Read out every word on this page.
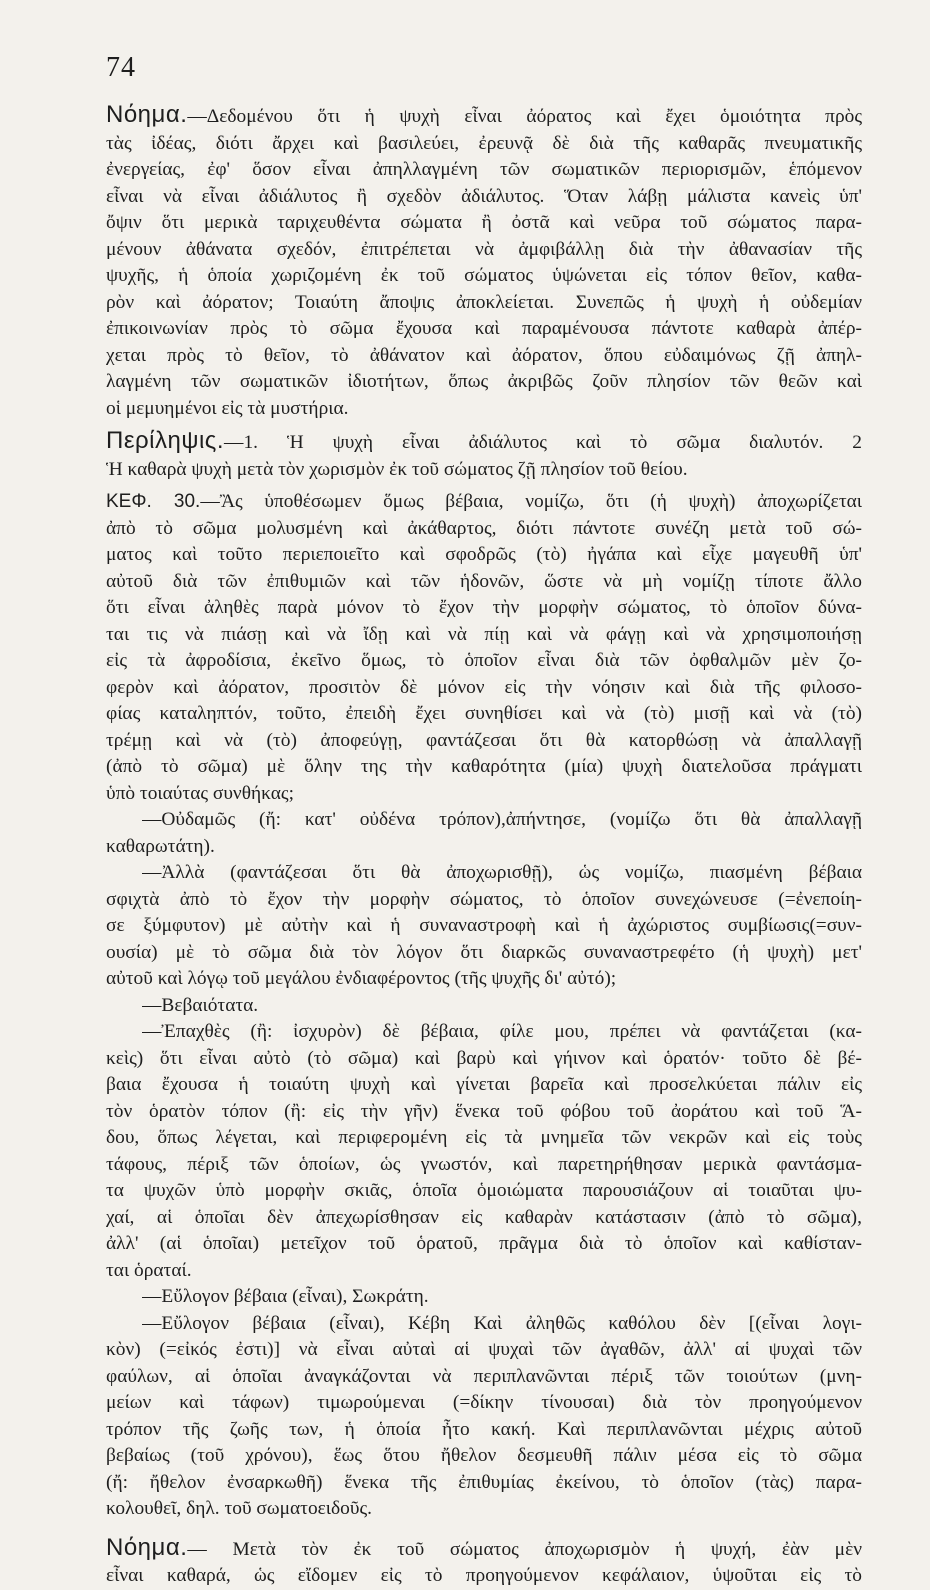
74
Νόημα.—Δεδομένου ὅτι ἡ ψυχὴ εἶναι ἀόρατος καὶ ἔχει ὁμοιότητα πρὸς
τὰς ἰδέας, διότι ἄρχει καὶ βασιλεύει, ἐρευνᾷ δὲ διὰ τῆς καθαρᾶς πνευματικῆς
ἐνεργείας, ἐφ' ὅσον εἶναι ἀπηλλαγμένη τῶν σωματικῶν περιορισμῶν, ἑπόμενον
εἶναι νὰ εἶναι ἀδιάλυτος ἢ σχεδὸν ἀδιάλυτος. Ὅταν λάβῃ μάλιστα κανεὶς ὑπ'
ὄψιν ὅτι μερικὰ ταριχευθέντα σώματα ἢ ὀστᾶ καὶ νεῦρα τοῦ σώματος παρα-
μένουν ἀθάνατα σχεδόν, ἐπιτρέπεται νὰ ἀμφιβάλλῃ διὰ τὴν ἀθανασίαν τῆς
ψυχῆς, ἡ ὁποία χωριζομένη ἐκ τοῦ σώματος ὑψώνεται εἰς τόπον θεῖον, καθα-
ρὸν καὶ ἀόρατον; Τοιαύτη ἄποψις ἀποκλείεται. Συνεπῶς ἡ ψυχὴ ἡ οὐδεμίαν
ἐπικοινωνίαν πρὸς τὸ σῶμα ἔχουσα καὶ παραμένουσα πάντοτε καθαρὰ ἀπέρ-
χεται πρὸς τὸ θεῖον, τὸ ἀθάνατον καὶ ἀόρατον, ὅπου εὐδαιμόνως ζῇ ἀπηλ-
λαγμένη τῶν σωματικῶν ἰδιοτήτων, ὅπως ἀκριβῶς ζοῦν πλησίον τῶν θεῶν καὶ
οἱ μεμυημένοι εἰς τὰ μυστήρια.
Περίληψις.—1. Ἡ ψυχὴ εἶναι ἀδιάλυτος καὶ τὸ σῶμα διαλυτόν. 2
Ἡ καθαρὰ ψυχὴ μετὰ τὸν χωρισμὸν ἐκ τοῦ σώματος ζῇ πλησίον τοῦ θείου.
ΚΕΦ. 30.—Ἂς ὑποθέσωμεν ὅμως βέβαια, νομίζω, ὅτι (ἡ ψυχὴ) ἀποχωρίζεται
ἀπὸ τὸ σῶμα μολυσμένη καὶ ἀκάθαρτος, διότι πάντοτε συνέζη μετὰ τοῦ σώ-
ματος καὶ τοῦτο περιεποιεῖτο καὶ σφοδρῶς (τὸ) ἠγάπα καὶ εἶχε μαγευθῆ ὑπ'
αὐτοῦ διὰ τῶν ἐπιθυμιῶν καὶ τῶν ἡδονῶν, ὥστε νὰ μὴ νομίζῃ τίποτε ἄλλο
ὅτι εἶναι ἀληθὲς παρὰ μόνον τὸ ἔχον τὴν μορφὴν σώματος, τὸ ὁποῖον δύνα-
ται τις νὰ πιάσῃ καὶ νὰ ἴδῃ καὶ νὰ πίῃ καὶ νὰ φάγῃ καὶ νὰ χρησιμοποιήσῃ
εἰς τὰ ἀφροδίσια, ἐκεῖνο ὅμως, τὸ ὁποῖον εἶναι διὰ τῶν ὀφθαλμῶν μὲν ζο-
φερὸν καὶ ἀόρατον, προσιτὸν δὲ μόνον εἰς τὴν νόησιν καὶ διὰ τῆς φιλοσο-
φίας καταληπτόν, τοῦτο, ἐπειδὴ ἔχει συνηθίσει καὶ νὰ (τὸ) μισῇ καὶ νὰ (τὸ)
τρέμῃ καὶ νὰ (τὸ) ἀποφεύγῃ, φαντάζεσαι ὅτι θὰ κατορθώσῃ νὰ ἀπαλλαγῇ
(ἀπὸ τὸ σῶμα) μὲ ὅλην της τὴν καθαρότητα (μία) ψυχὴ διατελοῦσα πράγματι
ὑπὸ τοιαύτας συνθήκας;
—Οὐδαμῶς (ἤ: κατ' οὐδένα τρόπον),ἀπήντησε, (νομίζω ὅτι θὰ ἀπαλλαγῇ
καθαρωτάτη).
—Ἀλλὰ (φαντάζεσαι ὅτι θὰ ἀποχωρισθῇ), ὡς νομίζω, πιασμένη βέβαια
σφιχτὰ ἀπὸ τὸ ἔχον τὴν μορφὴν σώματος, τὸ ὁποῖον συνεχώνευσε (=ἐνεποίη-
σε ξύμφυτον) μὲ αὐτὴν καὶ ἡ συναναστροφὴ καὶ ἡ ἀχώριστος συμβίωσις(=συν-
ουσία) μὲ τὸ σῶμα διὰ τὸν λόγον ὅτι διαρκῶς συναναστρεφέτο (ἡ ψυχὴ) μετ'
αὐτοῦ καὶ λόγῳ τοῦ μεγάλου ἐνδιαφέροντος (τῆς ψυχῆς δι' αὐτό);
—Βεβαιότατα.
—Ἐπαχθὲς (ἢ: ἰσχυρὸν) δὲ βέβαια, φίλε μου, πρέπει νὰ φαντάζεται (κα-
κεὶς) ὅτι εἶναι αὐτὸ (τὸ σῶμα) καὶ βαρὺ καὶ γήινον καὶ ὁρατόν· τοῦτο δὲ βέ-
βαια ἔχουσα ἡ τοιαύτη ψυχὴ καὶ γίνεται βαρεῖα καὶ προσελκύεται πάλιν εἰς
τὸν ὁρατὸν τόπον (ἢ: εἰς τὴν γῆν) ἕνεκα τοῦ φόβου τοῦ ἀοράτου καὶ τοῦ Ἅ-
δου, ὅπως λέγεται, καὶ περιφερομένη εἰς τὰ μνημεῖα τῶν νεκρῶν καὶ εἰς τοὺς
τάφους, πέριξ τῶν ὁποίων, ὡς γνωστόν, καὶ παρετηρήθησαν μερικὰ φαντάσμα-
τα ψυχῶν ὑπὸ μορφὴν σκιᾶς, ὁποῖα ὁμοιώματα παρουσιάζουν αἱ τοιαῦται ψυ-
χαί, αἱ ὁποῖαι δὲν ἀπεχωρίσθησαν εἰς καθαρὰν κατάστασιν (ἀπὸ τὸ σῶμα),
ἀλλ' (αἱ ὁποῖαι) μετεῖχον τοῦ ὁρατοῦ, πρᾶγμα διὰ τὸ ὁποῖον καὶ καθίσταν-
ται ὁραταί.
—Εὔλογον βέβαια (εἶναι), Σωκράτη.
—Εὔλογον βέβαια (εἶναι), Κέβη Καὶ ἀληθῶς καθόλου δὲν [(εἶναι λογι-
κὸν) (=εἰκός ἐστι)] νὰ εἶναι αὐταὶ αἱ ψυχαὶ τῶν ἀγαθῶν, ἀλλ' αἱ ψυχαὶ τῶν
φαύλων, αἱ ὁποῖαι ἀναγκάζονται νὰ περιπλανῶνται πέριξ τῶν τοιούτων (μνη-
μείων καὶ τάφων) τιμωρούμεναι (=δίκην τίνουσαι) διὰ τὸν προηγούμενον
τρόπον τῆς ζωῆς των, ἡ ὁποία ἦτο κακή. Καὶ περιπλανῶνται μέχρις αὐτοῦ
βεβαίως (τοῦ χρόνου), ἕως ὅτου ἤθελον δεσμευθῆ πάλιν μέσα εἰς τὸ σῶμα
(ἤ: ἤθελον ἐνσαρκωθῆ) ἕνεκα τῆς ἐπιθυμίας ἐκείνου, τὸ ὁποῖον (τὰς) παρα-
κολουθεῖ, δηλ. τοῦ σωματοειδοῦς.
Νόημα.— Μετὰ τὸν ἐκ τοῦ σώματος ἀποχωρισμὸν ἡ ψυχή, ἐὰν μὲν
εἶναι καθαρά, ὡς εἴδομεν εἰς τὸ προηγούμενον κεφάλαιον, ὑψοῦται εἰς τὸ
